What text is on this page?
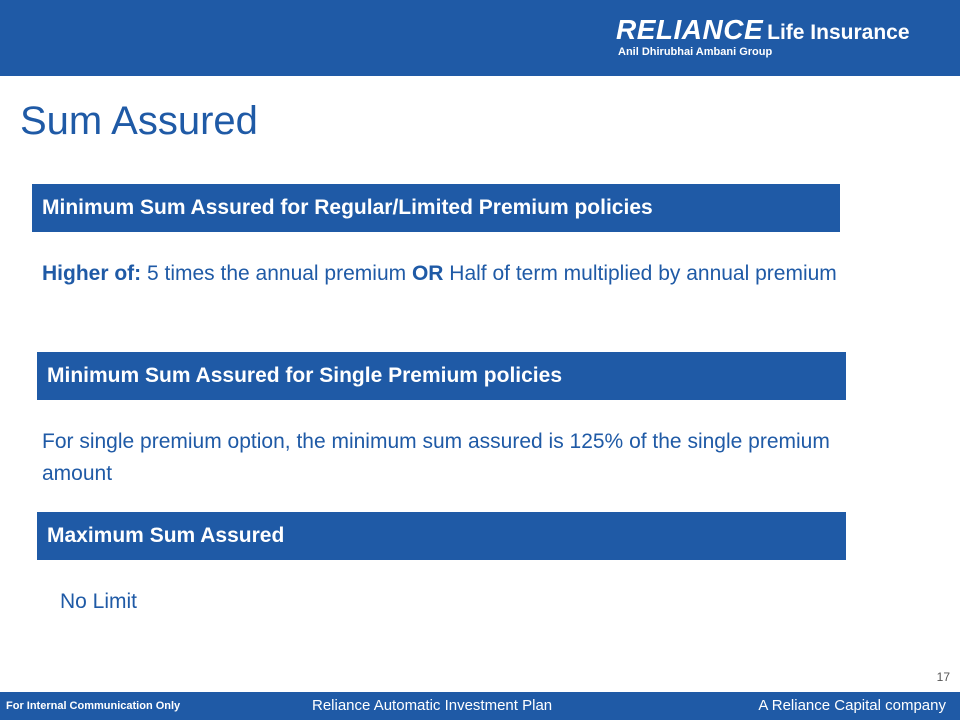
RELIANCE Life Insurance
Anil Dhirubhai Ambani Group
Sum Assured
Minimum Sum Assured for Regular/Limited Premium policies
Higher of: 5 times the annual premium OR Half of term multiplied by annual premium
Minimum Sum Assured for Single Premium policies
For single premium option, the minimum sum assured is 125% of the single premium amount
Maximum Sum Assured
No Limit
17
For Internal Communication Only	Reliance Automatic Investment Plan	A Reliance Capital company
